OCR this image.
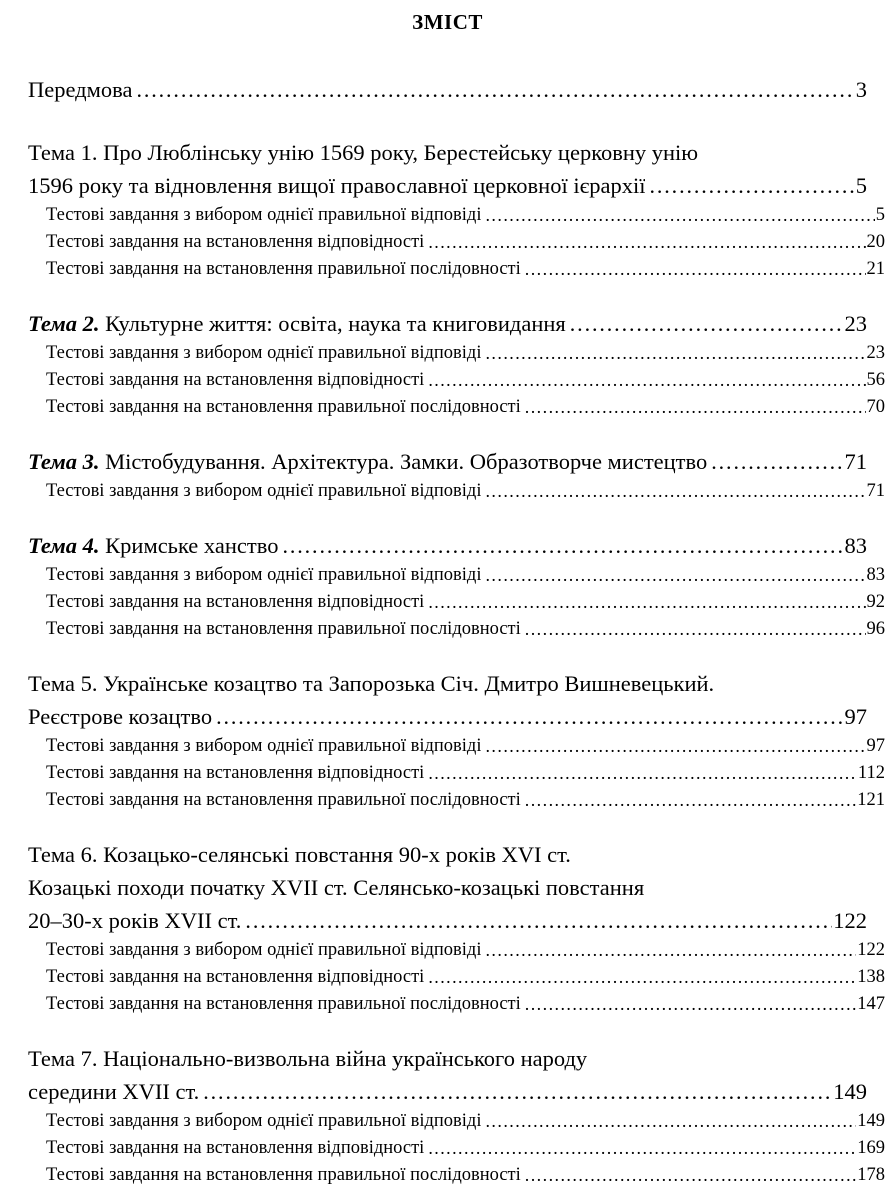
ЗМІСТ
Передмова .....	3
Тема 1. Про Люблінську унію 1569 року, Берестейську церковну унію
1596 року та відновлення вищої православної церковної ієрархії .....	5
Тестові завдання з вибором однієї правильної відповіді .....	5
Тестові завдання на встановлення відповідності .....	20
Тестові завдання на встановлення правильної послідовності .....	21
Тема 2. Культурне життя: освіта, наука та книговидання .....	23
Тестові завдання з вибором однієї правильної відповіді .....	23
Тестові завдання на встановлення відповідності .....	56
Тестові завдання на встановлення правильної послідовності .....	70
Тема 3. Містобудування. Архітектура. Замки. Образотворче мистецтво .....	71
Тестові завдання з вибором однієї правильної відповіді .....	71
Тема 4. Кримське ханство .....	83
Тестові завдання з вибором однієї правильної відповіді .....	83
Тестові завдання на встановлення відповідності .....	92
Тестові завдання на встановлення правильної послідовності .....	96
Тема 5. Українське козацтво та Запорозька Січ. Дмитро Вишневецький.
Реєстрове козацтво .....	97
Тестові завдання з вибором однієї правильної відповіді .....	97
Тестові завдання на встановлення відповідності .....	112
Тестові завдання на встановлення правильної послідовності .....	121
Тема 6. Козацько-селянські повстання 90-х років XVI ст.
Козацькі походи початку XVII ст. Селянсько-козацькі повстання
20–30-х років XVII ст. .....	122
Тестові завдання з вибором однієї правильної відповіді .....	122
Тестові завдання на встановлення відповідності .....	138
Тестові завдання на встановлення правильної послідовності .....	147
Тема 7. Національно-визвольна війна українського народу
середини XVII ст. .....	149
Тестові завдання з вибором однієї правильної відповіді .....	149
Тестові завдання на встановлення відповідності .....	169
Тестові завдання на встановлення правильної послідовності .....	178
